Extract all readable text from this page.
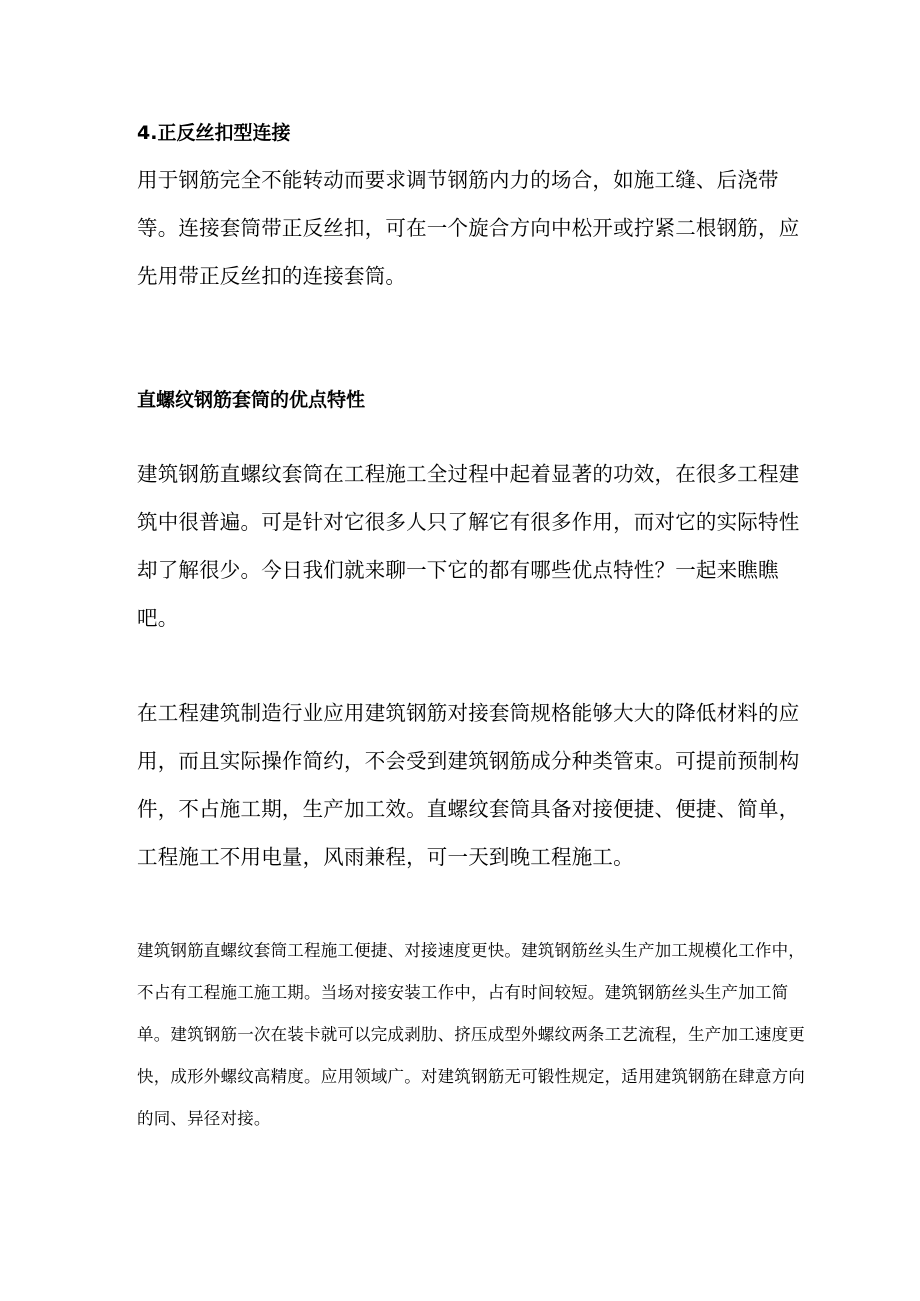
4.正反丝扣型连接

用于钢筋完全不能转动而要求调节钢筋内力的场合，如施工缝、后浇带等。连接套筒带正反丝扣，可在一个旋合方向中松开或拧紧二根钢筋，应先用带正反丝扣的连接套筒。

直螺纹钢筋套筒的优点特性

建筑钢筋直螺纹套筒在工程施工全过程中起着显著的功效，在很多工程建筑中很普遍。可是针对它很多人只了解它有很多作用，而对它的实际特性却了解很少。今日我们就来聊一下它的都有哪些优点特性？一起来瞧瞧吧。

在工程建筑制造行业应用建筑钢筋对接套筒规格能够大大的降低材料的应用，而且实际操作简约，不会受到建筑钢筋成分种类管束。可提前预制构件，不占施工期，生产加工效。直螺纹套筒具备对接便捷、便捷、简单，工程施工不用电量，风雨兼程，可一天到晚工程施工。

建筑钢筋直螺纹套筒工程施工便捷、对接速度更快。建筑钢筋丝头生产加工规模化工作中，不占有工程施工施工期。当场对接安装工作中，占有时间较短。建筑钢筋丝头生产加工简单。建筑钢筋一次在装卡就可以完成剥肋、挤压成型外螺纹两条工艺流程，生产加工速度更快，成形外螺纹高精度。应用领域广。对建筑钢筋无可锻性规定，适用建筑钢筋在肆意方向的同、异径对接。
